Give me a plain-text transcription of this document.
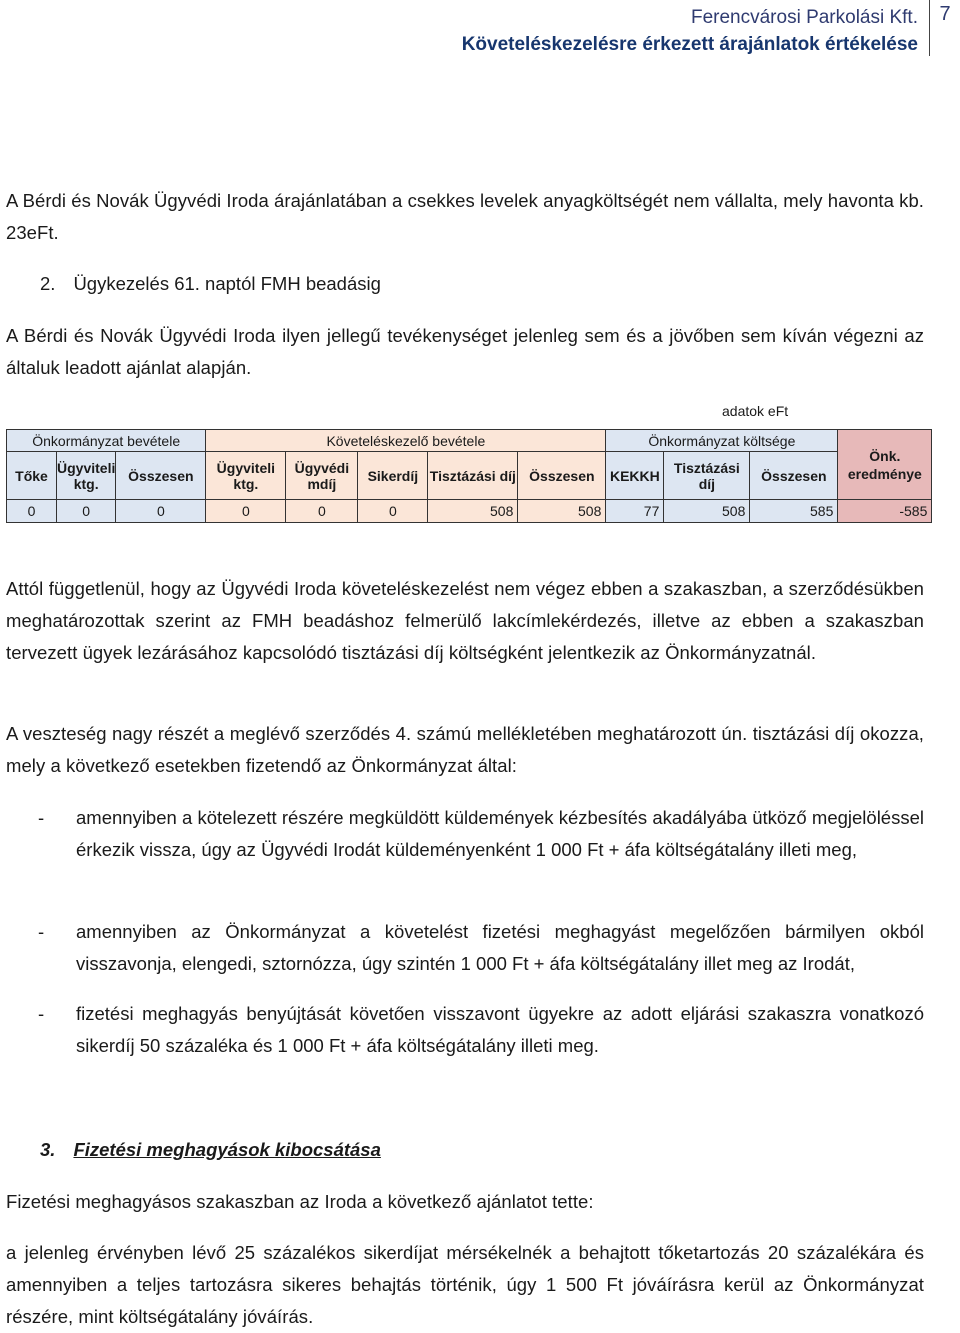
Ferencvárosi Parkolási Kft.
Követeléskezelésre érkezett árajánlatok értékelése
7
A Bérdi és Novák Ügyvédi Iroda árajánlatában a csekkes levelek anyagköltségét nem vállalta, mely havonta kb. 23eFt.
2. Ügykezelés 61. naptól FMH beadásig
A Bérdi és Novák Ügyvédi Iroda ilyen jellegű tevékenységet jelenleg sem és a jövőben sem kíván végezni az általuk leadott ajánlat alapján.
adatok eFt
Önkormányzat bevétele			Követeléskezelő bevétele					Önkormányzat költsége			Önk. eredménye
Tőke	Ügyviteli ktg.	Összesen	Ügyviteli ktg.	Ügyvédi mdíj	Sikerdíj	Tisztázási díj	Összesen	KEKKH	Tisztázási díj	Összesen	
0	0	0	0	0	0	508	508	77	508	585	-585
Attól függetlenül, hogy az Ügyvédi Iroda követeléskezelést nem végez ebben a szakaszban, a szerződésükben meghatározottak szerint az FMH beadáshoz felmerülő lakcímlekérdezés, illetve az ebben a szakaszban tervezett ügyek lezárásához kapcsolódó tisztázási díj költségként jelentkezik az Önkormányzatnál.
A veszteség nagy részét a meglévő szerződés 4. számú mellékletében meghatározott ún. tisztázási díj okozza, mely a következő esetekben fizetendő az Önkormányzat által:
- amennyiben a kötelezett részére megküldött küldemények kézbesítés akadályába ütköző megjelöléssel érkezik vissza, úgy az Ügyvédi Irodát küldeményenként 1 000 Ft + áfa költségátalány illeti meg,
- amennyiben az Önkormányzat a követelést fizetési meghagyást megelőzően bármilyen okból visszavonja, elengedi, sztornózza, úgy szintén 1 000 Ft + áfa költségátalány illet meg az Irodát,
- fizetési meghagyás benyújtását követően visszavont ügyekre az adott eljárási szakaszra vonatkozó sikerdíj 50 százaléka és 1 000 Ft + áfa költségátalány illeti meg.
3. Fizetési meghagyások kibocsátása
Fizetési meghagyásos szakaszban az Iroda a következő ajánlatot tette:
a jelenleg érvényben lévő 25 százalékos sikerdíjat mérsékelnék a behajtott tőketartozás 20 százalékára és amennyiben a teljes tartozásra sikeres behajtás történik, úgy 1 500 Ft jóváírásra kerül az Önkormányzat részére, mint költségátalány jóváírás.
